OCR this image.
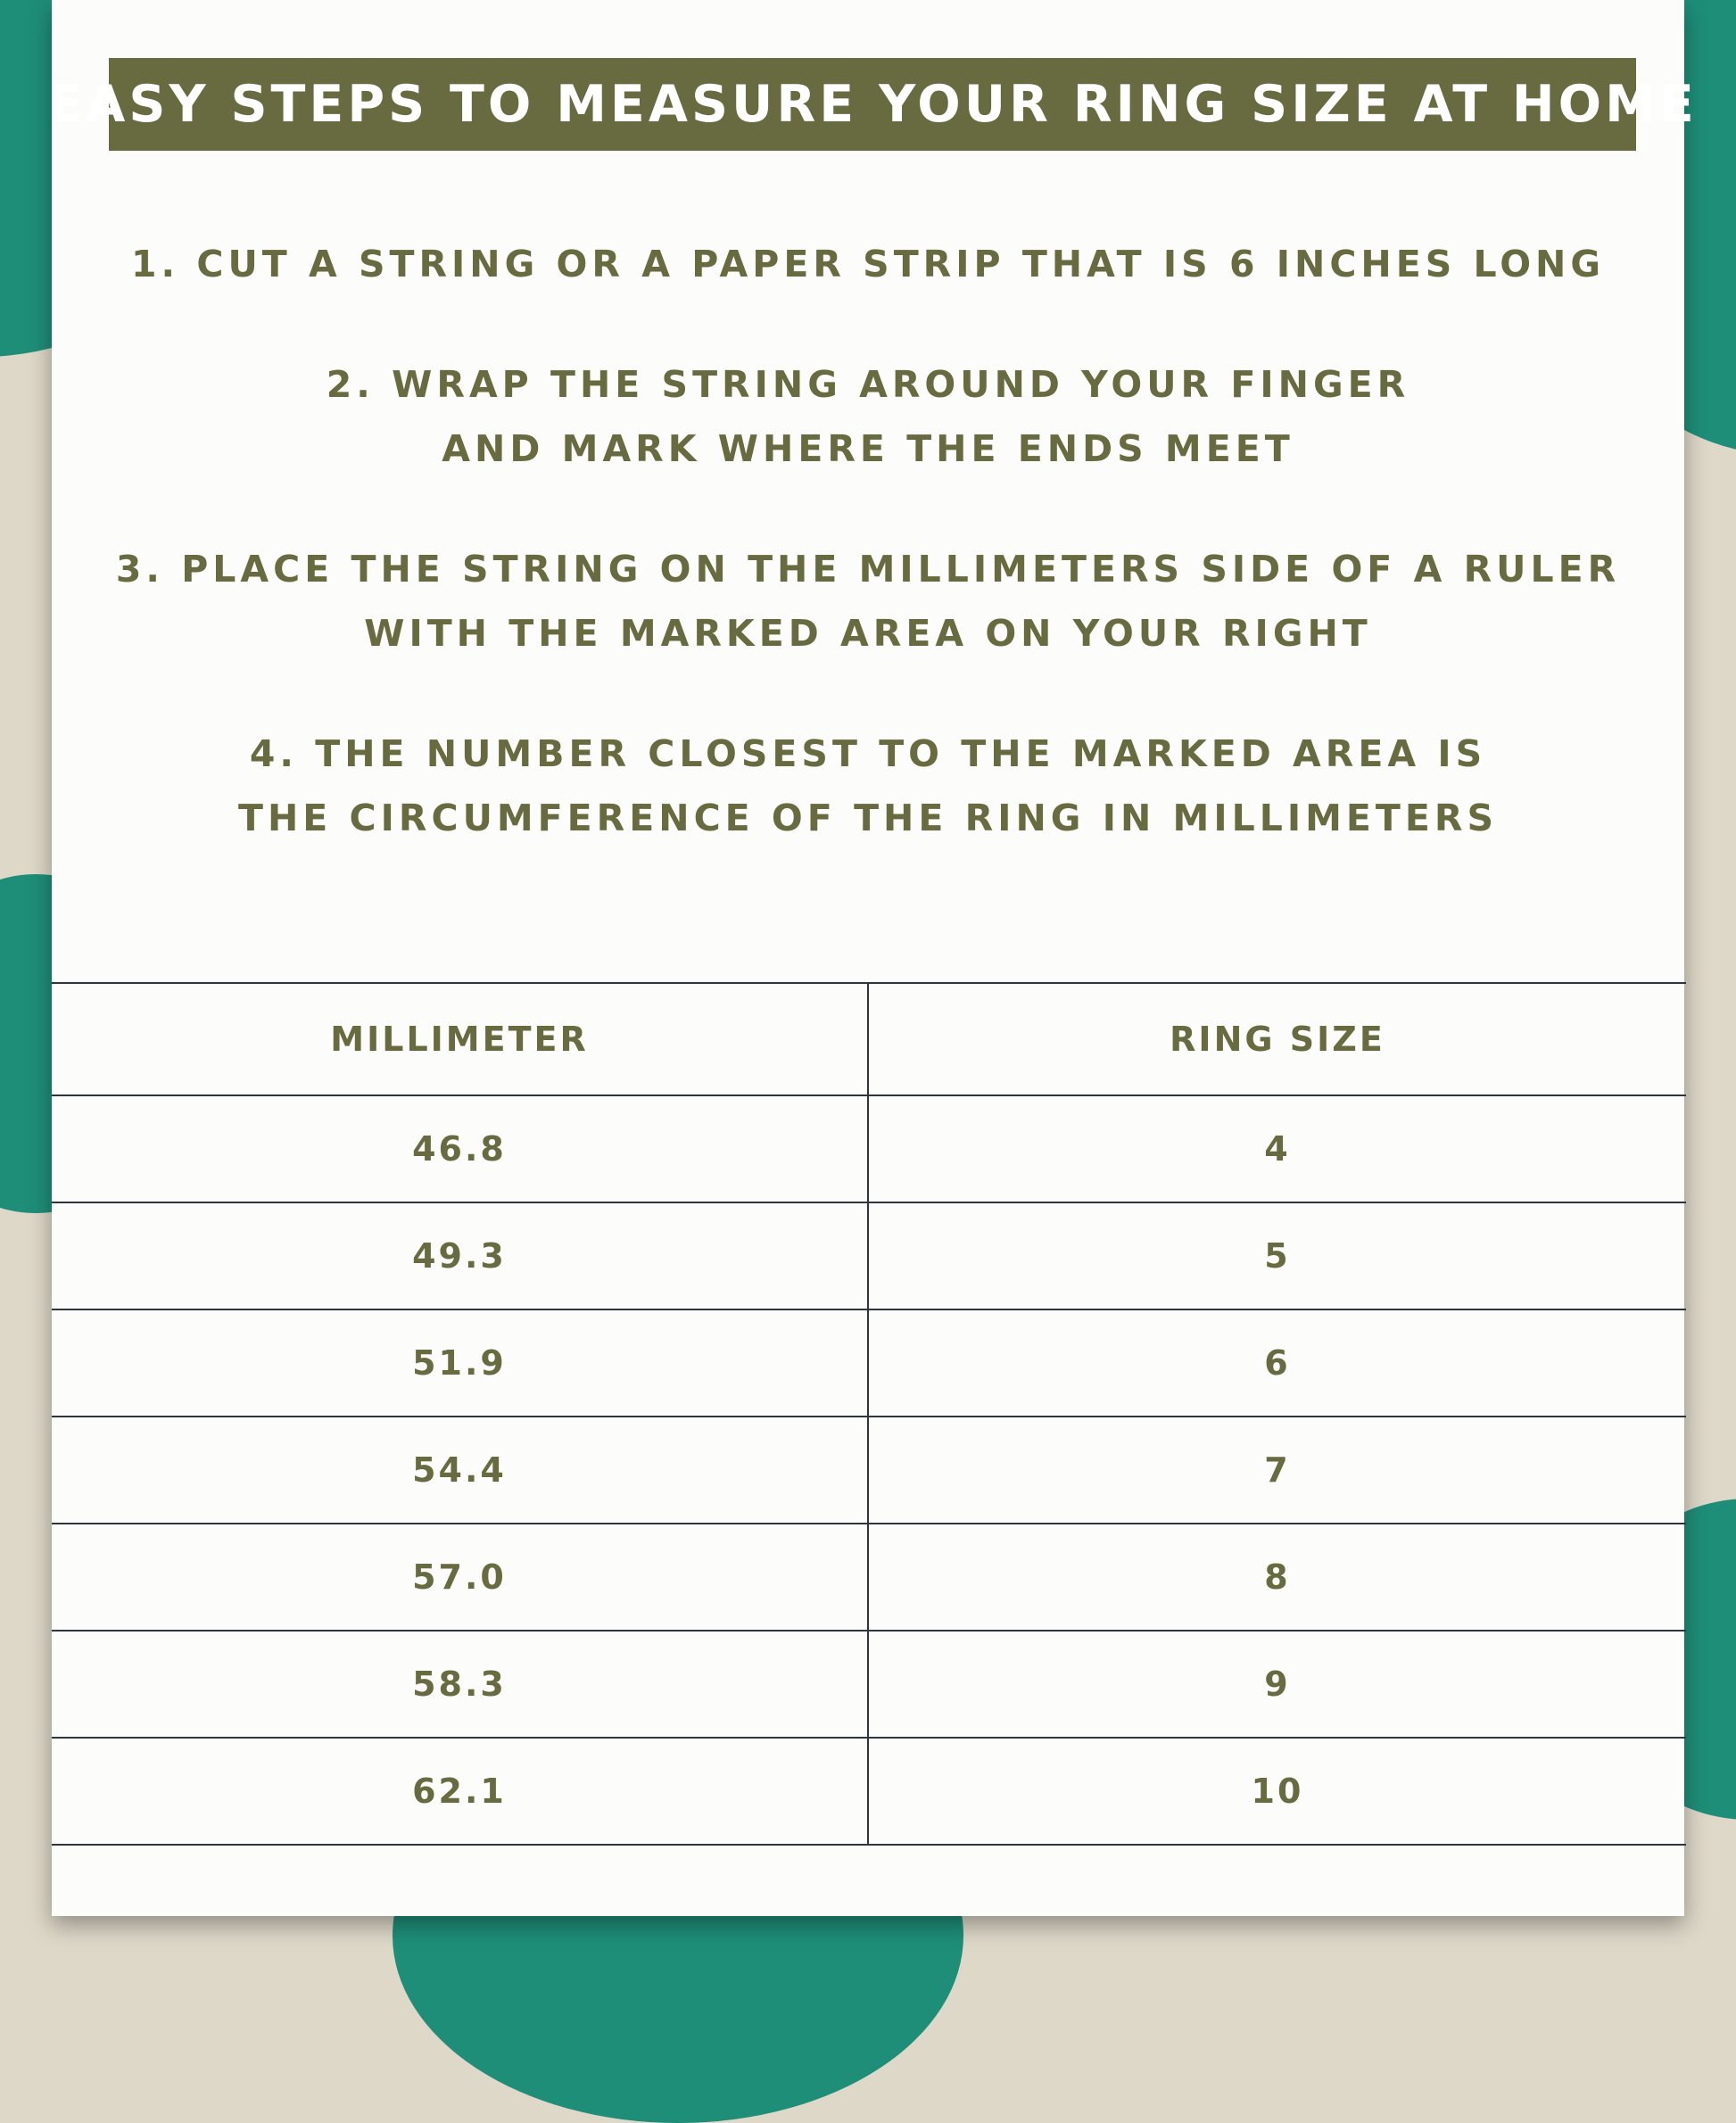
EASY STEPS TO MEASURE YOUR RING SIZE AT HOME
1. CUT A STRING OR A PAPER STRIP THAT IS 6 INCHES LONG
2. WRAP THE STRING AROUND YOUR FINGER
AND MARK WHERE THE ENDS MEET
3. PLACE THE STRING ON THE MILLIMETERS SIDE OF A RULER
WITH THE MARKED AREA ON YOUR RIGHT
4. THE NUMBER CLOSEST TO THE MARKED AREA IS
THE CIRCUMFERENCE OF THE RING IN MILLIMETERS
MILLIMETER	RING SIZE
46.8	4
49.3	5
51.9	6
54.4	7
57.0	8
58.3	9
62.1	10
